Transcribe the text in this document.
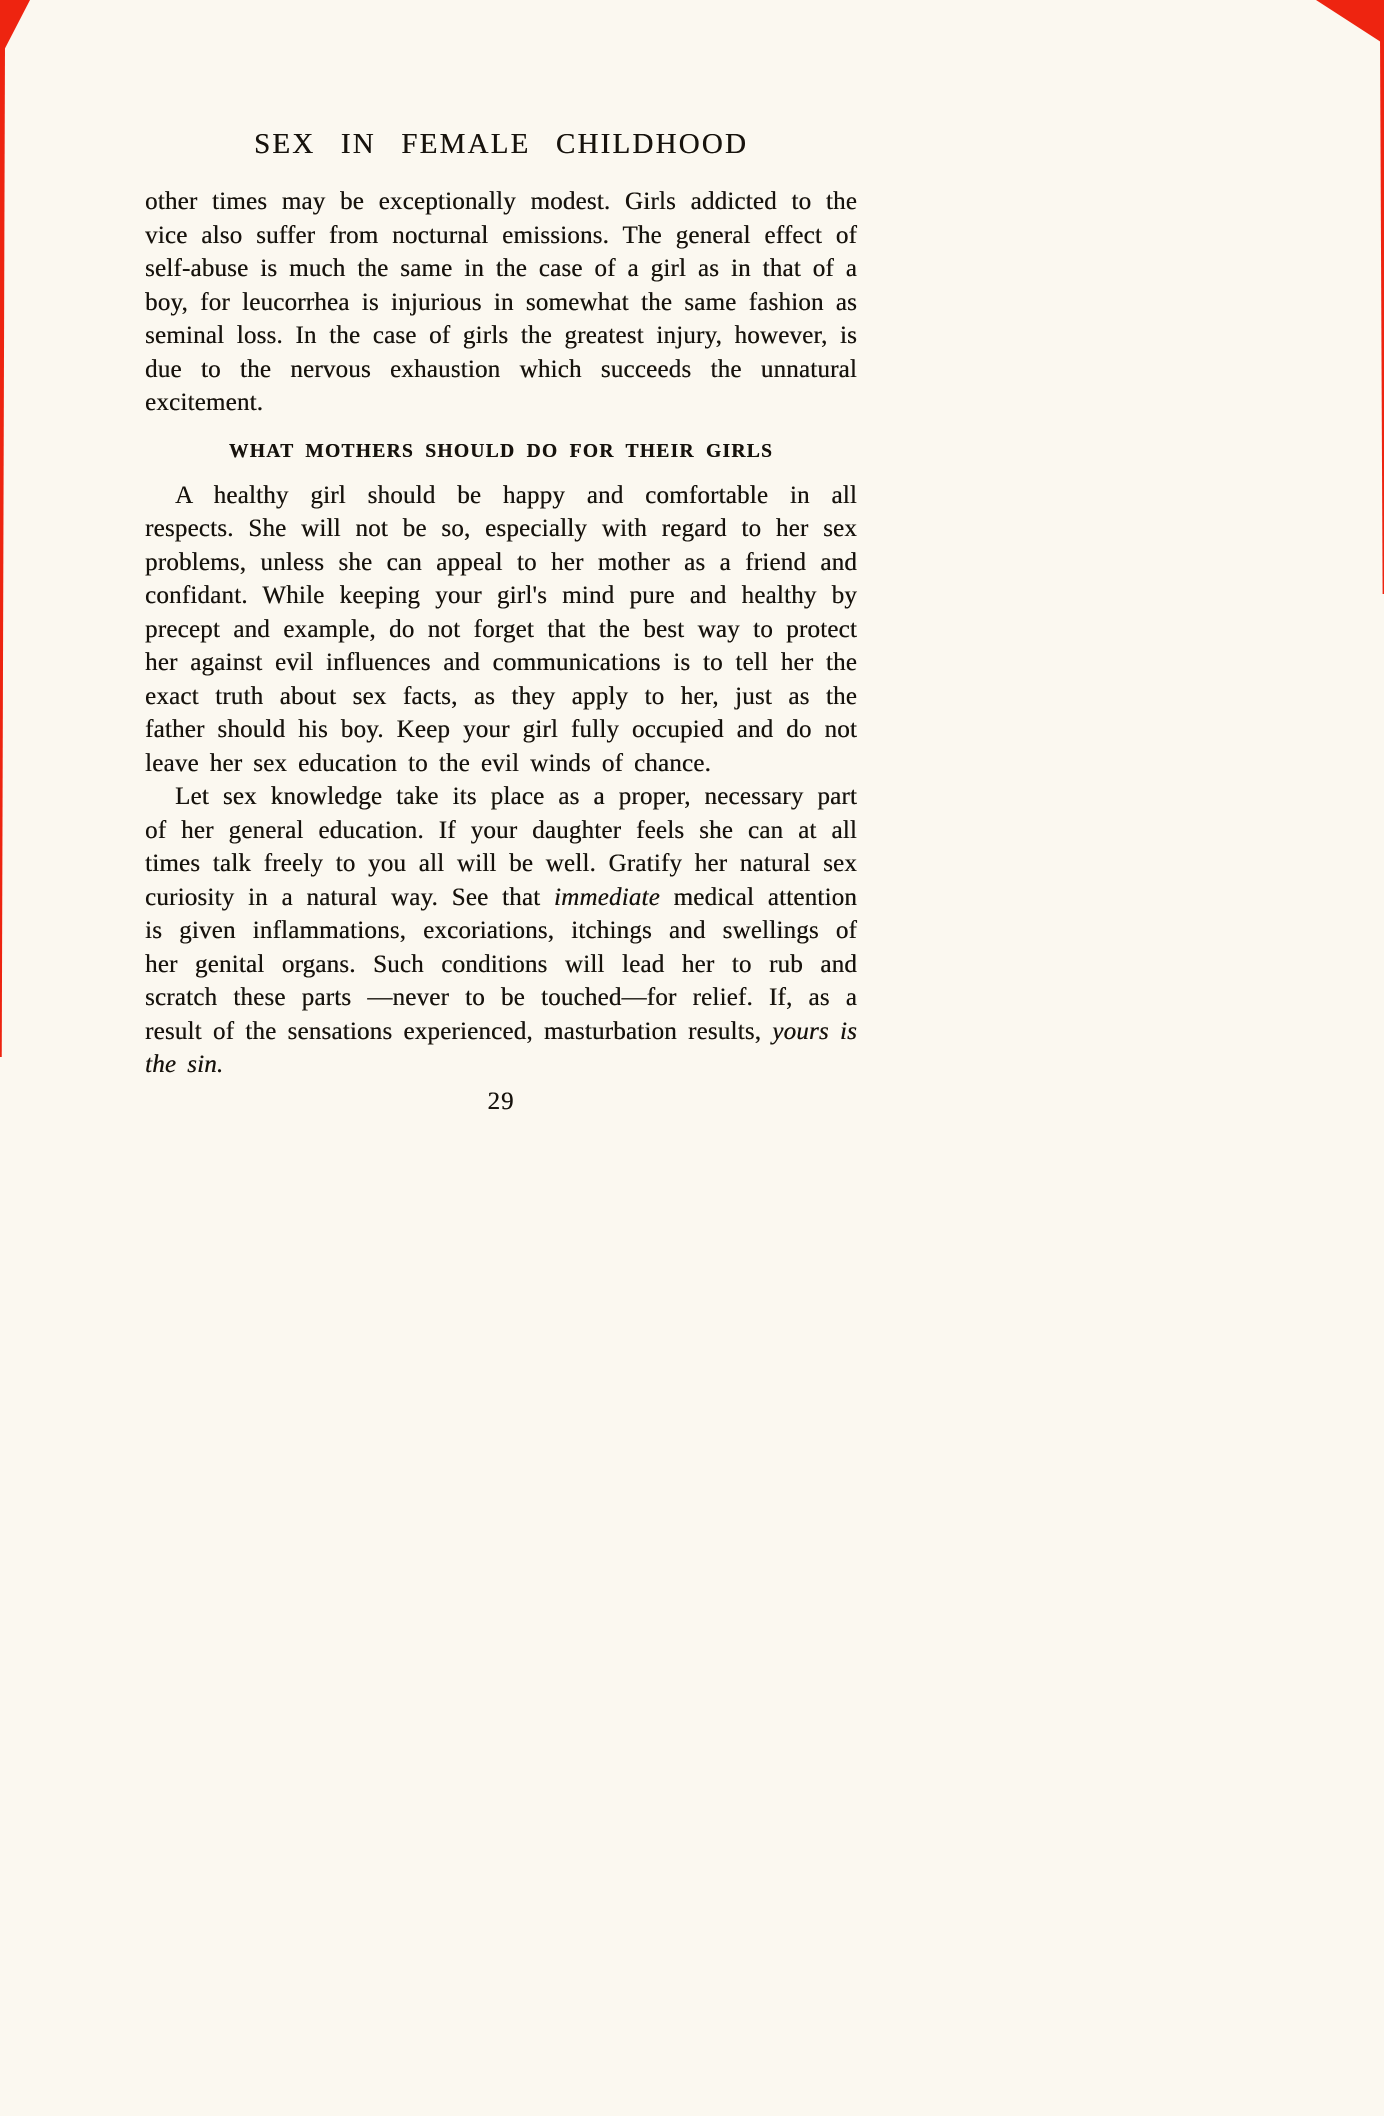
SEX IN FEMALE CHILDHOOD

other times may be exceptionally modest. Girls addicted to the vice also suffer from nocturnal emissions. The general effect of self-abuse is much the same in the case of a girl as in that of a boy, for leucorrhea is injurious in somewhat the same fashion as seminal loss. In the case of girls the greatest injury, however, is due to the nervous exhaustion which succeeds the unnatural excitement.

WHAT MOTHERS SHOULD DO FOR THEIR GIRLS

A healthy girl should be happy and comfortable in all respects. She will not be so, especially with regard to her sex problems, unless she can appeal to her mother as a friend and confidant. While keeping your girl's mind pure and healthy by precept and example, do not forget that the best way to protect her against evil influences and communications is to tell her the exact truth about sex facts, as they apply to her, just as the father should his boy. Keep your girl fully occupied and do not leave her sex education to the evil winds of chance.

Let sex knowledge take its place as a proper, necessary part of her general education. If your daughter feels she can at all times talk freely to you all will be well. Gratify her natural sex curiosity in a natural way. See that immediate medical attention is given inflammations, excoriations, itchings and swellings of her genital organs. Such conditions will lead her to rub and scratch these parts —never to be touched—for relief. If, as a result of the sensations experienced, masturbation results, yours is the sin.

29
